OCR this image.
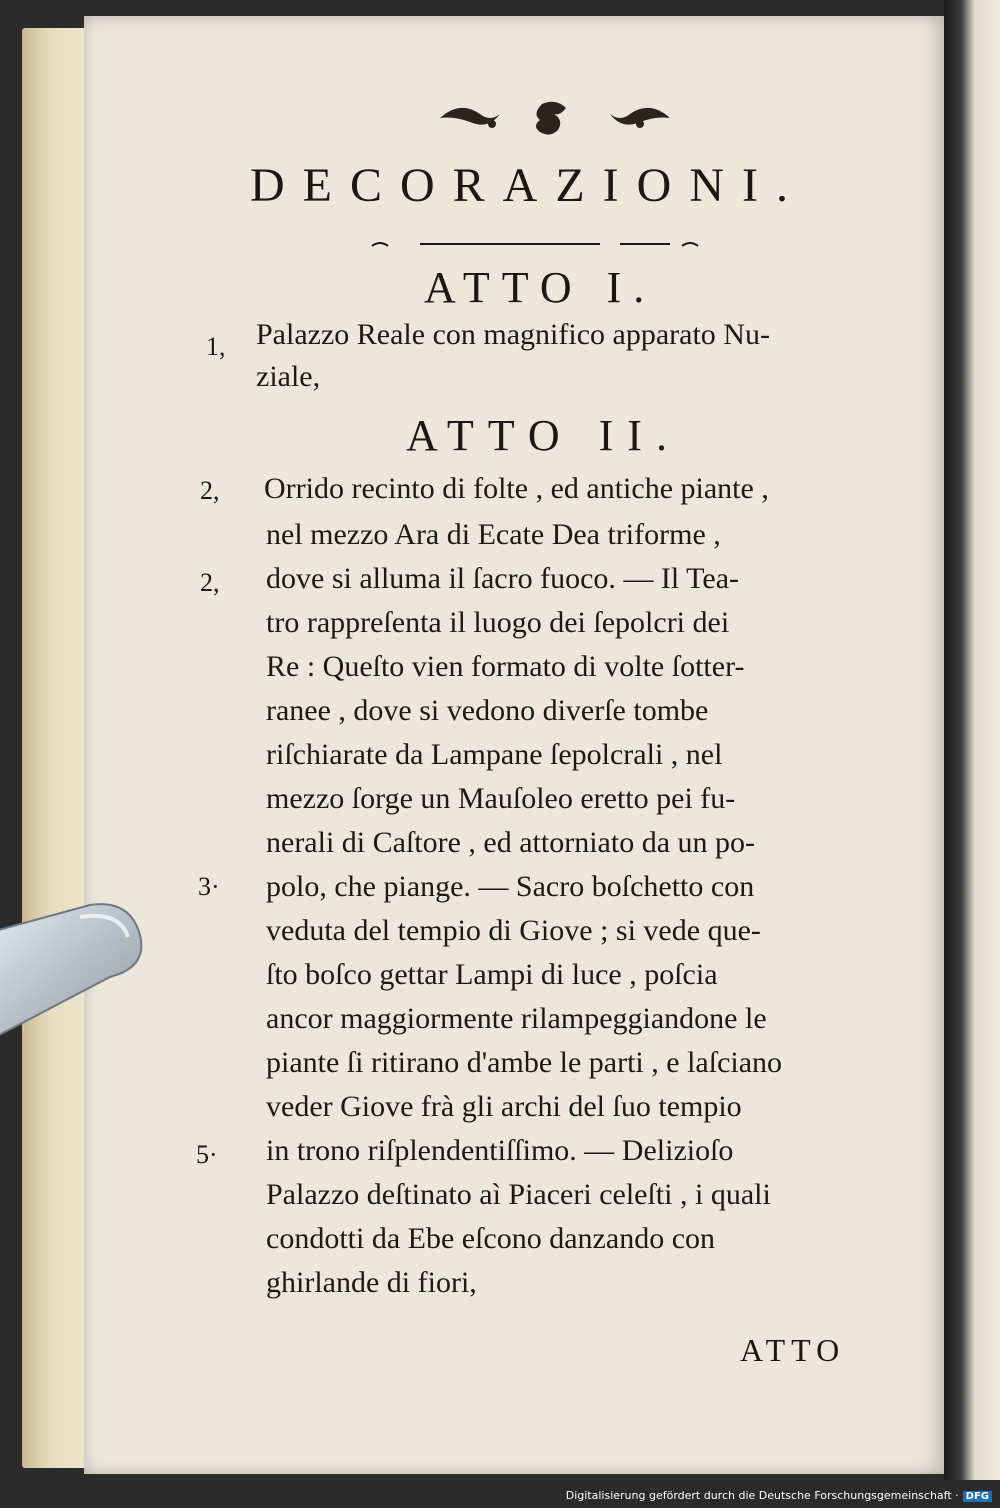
DECORAZIONI.
ATTO I.
1, Palazzo Reale con magnifico apparato Nu-
ziale,
ATTO II.
2,
2,
3·
5·
Orrido recinto di folte , ed antiche piante ,
nel mezzo Ara di Ecate Dea triforme ,
dove si alluma il ſacro fuoco. — Il Tea-
tro rappreſenta il luogo dei ſepolcri dei
Re : Queſto vien formato di volte ſotter-
ranee , dove si vedono diverſe tombe
riſchiarate da Lampane ſepolcrali , nel
mezzo ſorge un Mauſoleo eretto pei fu-
nerali di Caſtore , ed attorniato da un po-
polo, che piange. — Sacro boſchetto con
veduta del tempio di Giove ; si vede que-
ſto boſco gettar Lampi di luce , poſcia
ancor maggiormente rilampeggiandone le
piante ſi ritirano d'ambe le parti , e laſciano
veder Giove frà gli archi del ſuo tempio
in trono riſplendentiſſimo. — Delizioſo
Palazzo deſtinato aì Piaceri celeſti , i quali
condotti da Ebe eſcono danzando con
ghirlande di fiori,
ATTO
Digitalisierung gefördert durch die Deutsche Forschungsgemeinschaft · DFG
